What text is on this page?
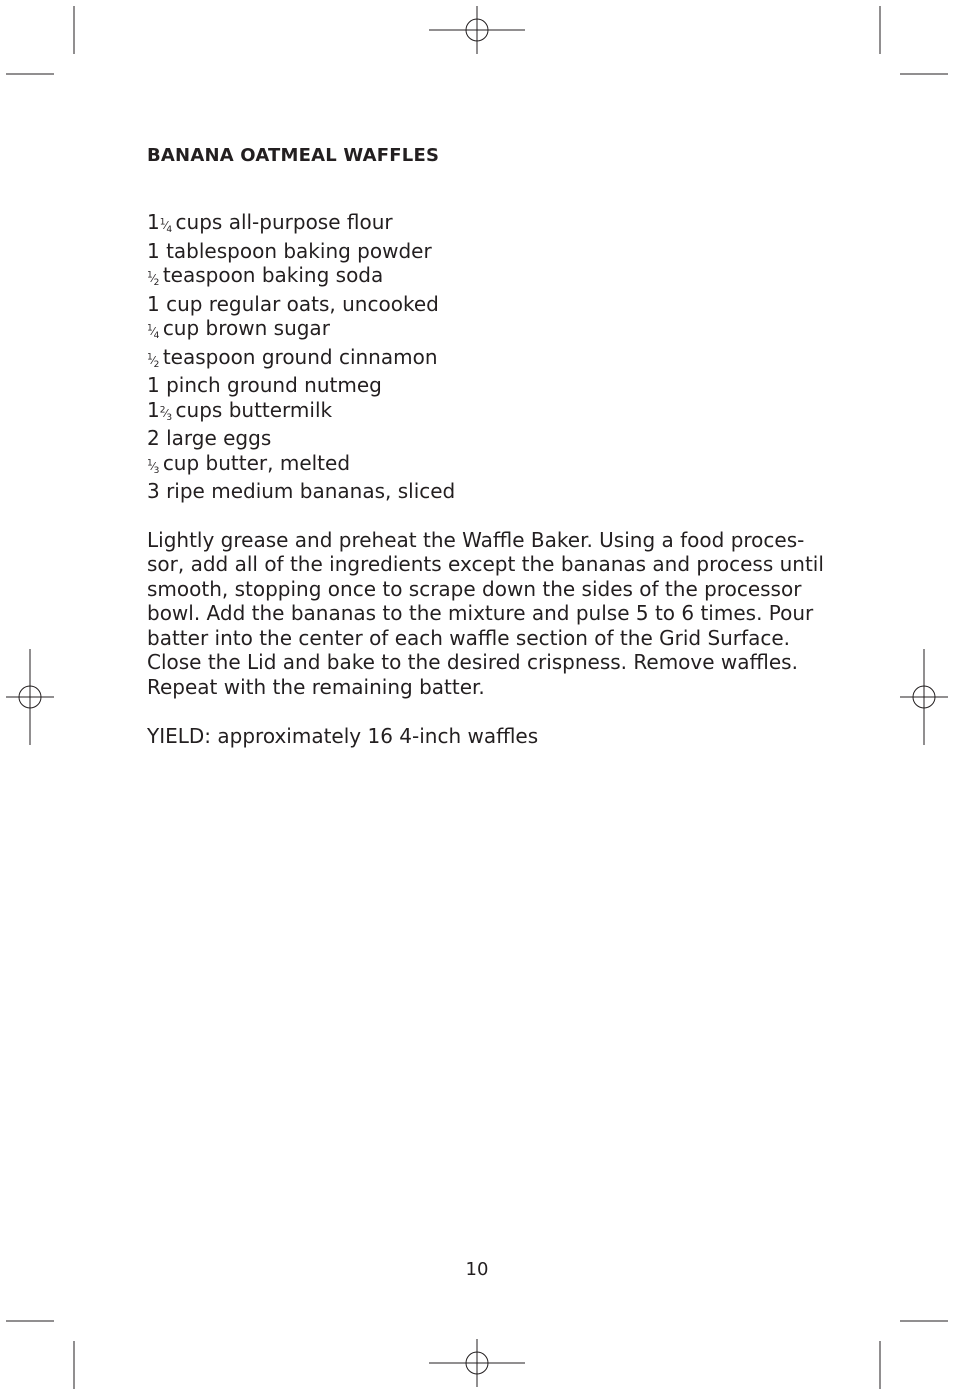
BANANA OATMEAL WAFFLES
$1^1⁄_4$ cups all-purpose flour
1 tablespoon baking powder
$^1⁄_2$ teaspoon baking soda
1 cup regular oats, uncooked
$^1⁄_4$ cup brown sugar
$^1⁄_2$ teaspoon ground cinnamon
1 pinch ground nutmeg
$1^2⁄_3$ cups buttermilk
2 large eggs
$^1⁄_3$ cup butter, melted
3 ripe medium bananas, sliced
Lightly grease and preheat the Waffle Baker. Using a food proces-
sor, add all of the ingredients except the bananas and process until
smooth, stopping once to scrape down the sides of the processor
bowl. Add the bananas to the mixture and pulse 5 to 6 times. Pour
batter into the center of each waffle section of the Grid Surface.
Close the Lid and bake to the desired crispness. Remove waffles.
Repeat with the remaining batter.

YIELD: approximately 16 4-inch waffles

10
